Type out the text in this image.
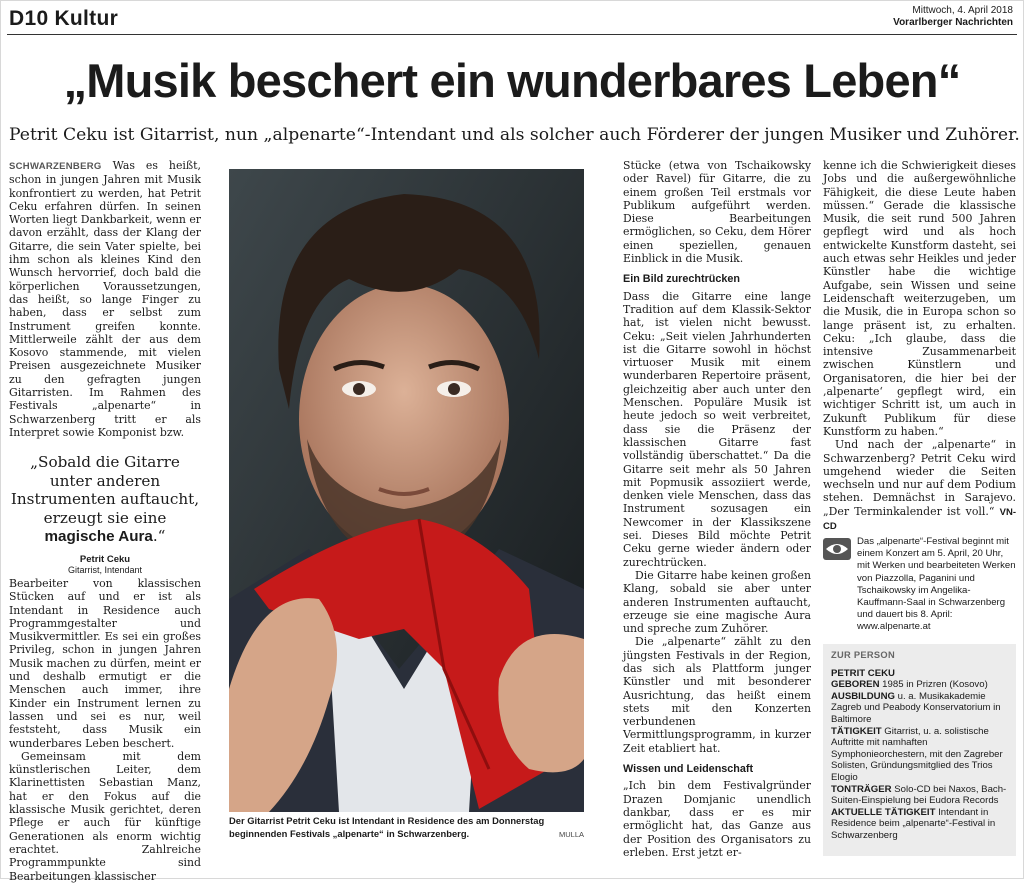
D10 Kultur	Mittwoch, 4. April 2018
Vorarlberger Nachrichten
„Musik beschert ein wunderbares Leben“
Petrit Ceku ist Gitarrist, nun „alpenarte“-Intendant und als solcher auch Förderer der jungen Musiker und Zuhörer.

SCHWARZENBERG Was es heißt, schon in jungen Jahren mit Musik konfrontiert zu werden, hat Petrit Ceku erfahren dürfen. In seinen Worten liegt Dankbarkeit, wenn er davon erzählt, dass der Klang der Gitarre, die sein Vater spielte, bei ihm schon als kleines Kind den Wunsch hervorrief, doch bald die körperlichen Voraussetzungen, das heißt, so lange Finger zu haben, dass er selbst zum Instrument greifen konnte. Mittlerweile zählt der aus dem Kosovo stammende, mit vielen Preisen ausgezeichnete Musiker zu den gefragten jungen Gitarristen. Im Rahmen des Festivals „alpenarte“ in Schwarzenberg tritt er als Interpret sowie Komponist bzw.

„Sobald die Gitarre unter anderen Instrumenten auftaucht, erzeugt sie eine magische Aura.“
Petrit Ceku
Gitarrist, Intendant

Bearbeiter von klassischen Stücken auf und er ist als Intendant in Residence auch Programmgestalter und Musikvermittler. Es sei ein großes Privileg, schon in jungen Jahren Musik machen zu dürfen, meint er und deshalb ermutigt er die Menschen auch immer, ihre Kinder ein Instrument lernen zu lassen und sei es nur, weil feststeht, dass Musik ein wunderbares Leben beschert.

Gemeinsam mit dem künstlerischen Leiter, dem Klarinettisten Sebastian Manz, hat er den Fokus auf die klassische Musik gerichtet, deren Pflege er auch für künftige Generationen als enorm wichtig erachtet. Zahlreiche Programmpunkte sind Bearbeitungen klassischer

Der Gitarrist Petrit Ceku ist Intendant in Residence des am Donnerstag beginnenden Festivals „alpenarte“ in Schwarzenberg.	MULLA

Stücke (etwa von Tschaikowsky oder Ravel) für Gitarre, die zu einem großen Teil erstmals vor Publikum aufgeführt werden. Diese Bearbeitungen ermöglichen, so Ceku, dem Hörer einen speziellen, genauen Einblick in die Musik.

Ein Bild zurechtrücken

Dass die Gitarre eine lange Tradition auf dem Klassik-Sektor hat, ist vielen nicht bewusst. Ceku: „Seit vielen Jahrhunderten ist die Gitarre sowohl in höchst virtuoser Musik mit einem wunderbaren Repertoire präsent, gleichzeitig aber auch unter den Menschen. Populäre Musik ist heute jedoch so weit verbreitet, dass sie die Präsenz der klassischen Gitarre fast vollständig überschattet.“ Da die Gitarre seit mehr als 50 Jahren mit Popmusik assoziiert werde, denken viele Menschen, dass das Instrument sozusagen ein Newcomer in der Klassikszene sei. Dieses Bild möchte Petrit Ceku gerne wieder ändern oder zurechtrücken.

Die Gitarre habe keinen großen Klang, sobald sie aber unter anderen Instrumenten auftaucht, erzeuge sie eine magische Aura und spreche zum Zuhörer.

Die „alpenarte“ zählt zu den jüngsten Festivals in der Region, das sich als Plattform junger Künstler und mit besonderer Ausrichtung, das heißt einem stets mit den Konzerten verbundenen Vermittlungsprogramm, in kurzer Zeit etabliert hat.

Wissen und Leidenschaft

„Ich bin dem Festivalgründer Drazen Domjanic unendlich dankbar, dass er es mir ermöglicht hat, das Ganze aus der Position des Organisators zu erleben. Erst jetzt er-

kenne ich die Schwierigkeit dieses Jobs und die außergewöhnliche Fähigkeit, die diese Leute haben müssen.“ Gerade die klassische Musik, die seit rund 500 Jahren gepflegt wird und als hoch entwickelte Kunstform dasteht, sei auch etwas sehr Heikles und jeder Künstler habe die wichtige Aufgabe, sein Wissen und seine Leidenschaft weiterzugeben, um die Musik, die in Europa schon so lange präsent ist, zu erhalten. Ceku: „Ich glaube, dass die intensive Zusammenarbeit zwischen Künstlern und Organisatoren, die hier bei der ‚alpenarte‘ gepflegt wird, ein wichtiger Schritt ist, um auch in Zukunft Publikum für diese Kunstform zu haben.“

Und nach der „alpenarte“ in Schwarzenberg? Petrit Ceku wird umgehend wieder die Seiten wechseln und nur auf dem Podium stehen. Demnächst in Sarajevo. „Der Terminkalender ist voll.“ VN-CD

Das „alpenarte“-Festival beginnt mit einem Konzert am 5. April, 20 Uhr, mit Werken und bearbeiteten Werken von Piazzolla, Paganini und Tschaikowsky im Angelika-Kauffmann-Saal in Schwarzenberg und dauert bis 8. April: www.alpenarte.at
ZUR PERSON
PETRIT CEKU
GEBOREN 1985 in Prizren (Kosovo)
AUSBILDUNG u. a. Musikakademie Zagreb und Peabody Konservatorium in Baltimore
TÄTIGKEIT Gitarrist, u. a. solistische Auftritte mit namhaften Symphonieorchestern, mit den Zagreber Solisten, Gründungsmitglied des Trios Elogio
TONTRÄGER Solo-CD bei Naxos, Bach-Suiten-Einspielung bei Eudora Records
AKTUELLE TÄTIGKEIT Intendant in Residence beim „alpenarte“-Festival in Schwarzenberg
